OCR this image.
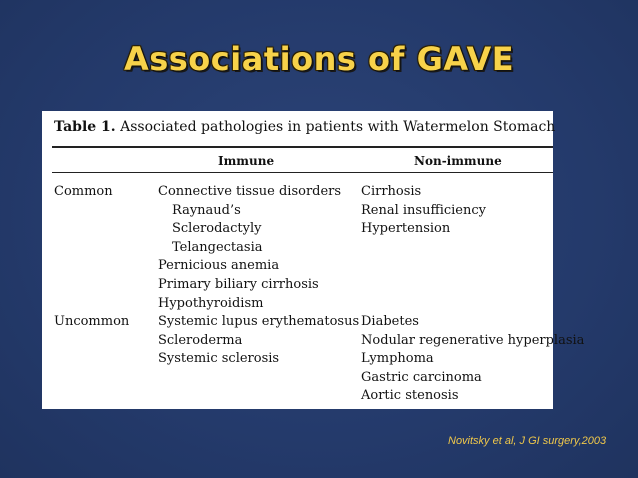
Associations of GAVE
Table 1. Associated pathologies in patients with Watermelon Stomach
Immune	Non-immune
Common	Connective tissue disorders
Raynaud’s
Sclerodactyly
Telangectasia
Pernicious anemia
Primary biliary cirrhosis
Hypothyroidism
Cirrhosis
Renal insufficiency
Hypertension
Uncommon Systemic lupus erythematosus
Scleroderma
Systemic sclerosis
Diabetes
Nodular regenerative hyperplasia
Lymphoma
Gastric carcinoma
Aortic stenosis
Novitsky et al, J GI surgery,2003
